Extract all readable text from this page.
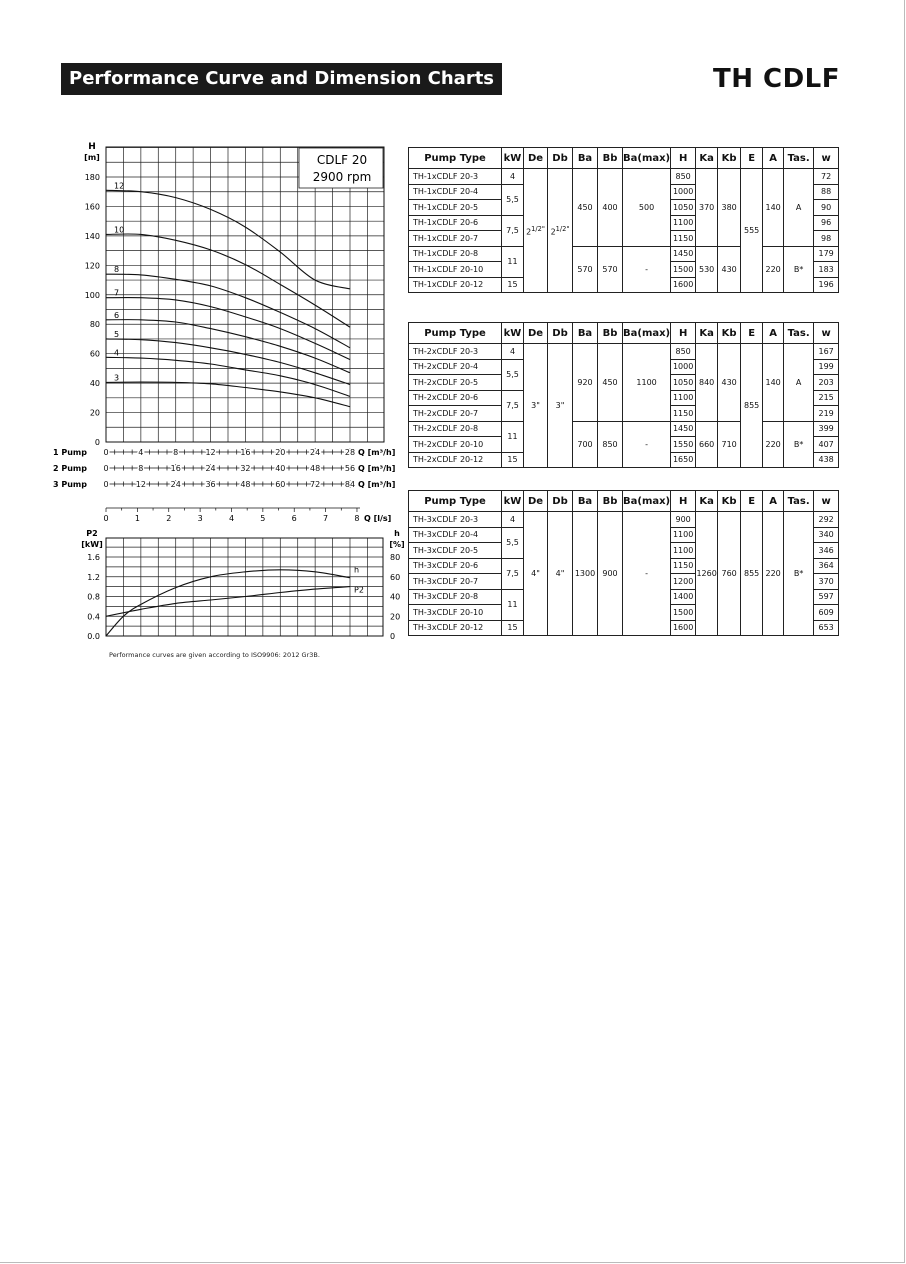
Performance Curve and Dimension Charts	TH CDLF
CDLF 20
2900 rpm
H
[m]
0
20
40
60
80
100
120
140
160
180
3
4
5
6
7
8
10
12
0	4	8	12	16	20	24	28
1 Pump	Q [m³/h]
0	8	16	24	32	40	48	56
2 Pump	Q [m³/h]
0	12	24	36	48	60	72	84
3 Pump	Q [m³/h]
0	1	2	3	4	5	6	7	8 Q [l/s]
P2
[kW]
0.0
0.4
0.8
1.2
1.6
h
[%]
0
20
40
60
80
h
P2
Pump Type	kW	De	Db	Ba	Bb	Ba(max)	H	Ka	Kb	E	A	Tas.	w
TH-1xCDLF 20-3	4	$2^{1/2"}$	$2^{1/2"}$	450	400	500	850	370	380	555	140	A	72
TH-1xCDLF 20-4	5,5						1000						88
TH-1xCDLF 20-5							1050						90
TH-1xCDLF 20-6	7,5						1100						96
TH-1xCDLF 20-7							1150						98
TH-1xCDLF 20-8	11			570	570	-	1450	530	430		220	B*	179
TH-1xCDLF 20-10							1500						183
TH-1xCDLF 20-12	15						1600						196
Pump Type	kW	De	Db	Ba	Bb	Ba(max)	H	Ka	Kb	E	A	Tas.	w
TH-2xCDLF 20-3	4	3"	3"	920	450	1100	850	840	430	855	140	A	167
TH-2xCDLF 20-4	5,5						1000						199
TH-2xCDLF 20-5							1050						203
TH-2xCDLF 20-6	7,5						1100						215
TH-2xCDLF 20-7							1150						219
TH-2xCDLF 20-8	11			700	850	-	1450	660	710		220	B*	399
TH-2xCDLF 20-10							1550						407
TH-2xCDLF 20-12	15						1650						438
Pump Type	kW	De	Db	Ba	Bb	Ba(max)	H	Ka	Kb	E	A	Tas.	w
TH-3xCDLF 20-3	4	4"	4"	1300	900	-	900	1260	760	855	220	B*	292
TH-3xCDLF 20-4	5,5						1100						340
TH-3xCDLF 20-5							1100						346
TH-3xCDLF 20-6	7,5						1150						364
TH-3xCDLF 20-7							1200						370
TH-3xCDLF 20-8	11						1400						597
TH-3xCDLF 20-10							1500						609
TH-3xCDLF 20-12	15						1600						653
Performance curves are given according to ISO9906: 2012 Gr3B.
